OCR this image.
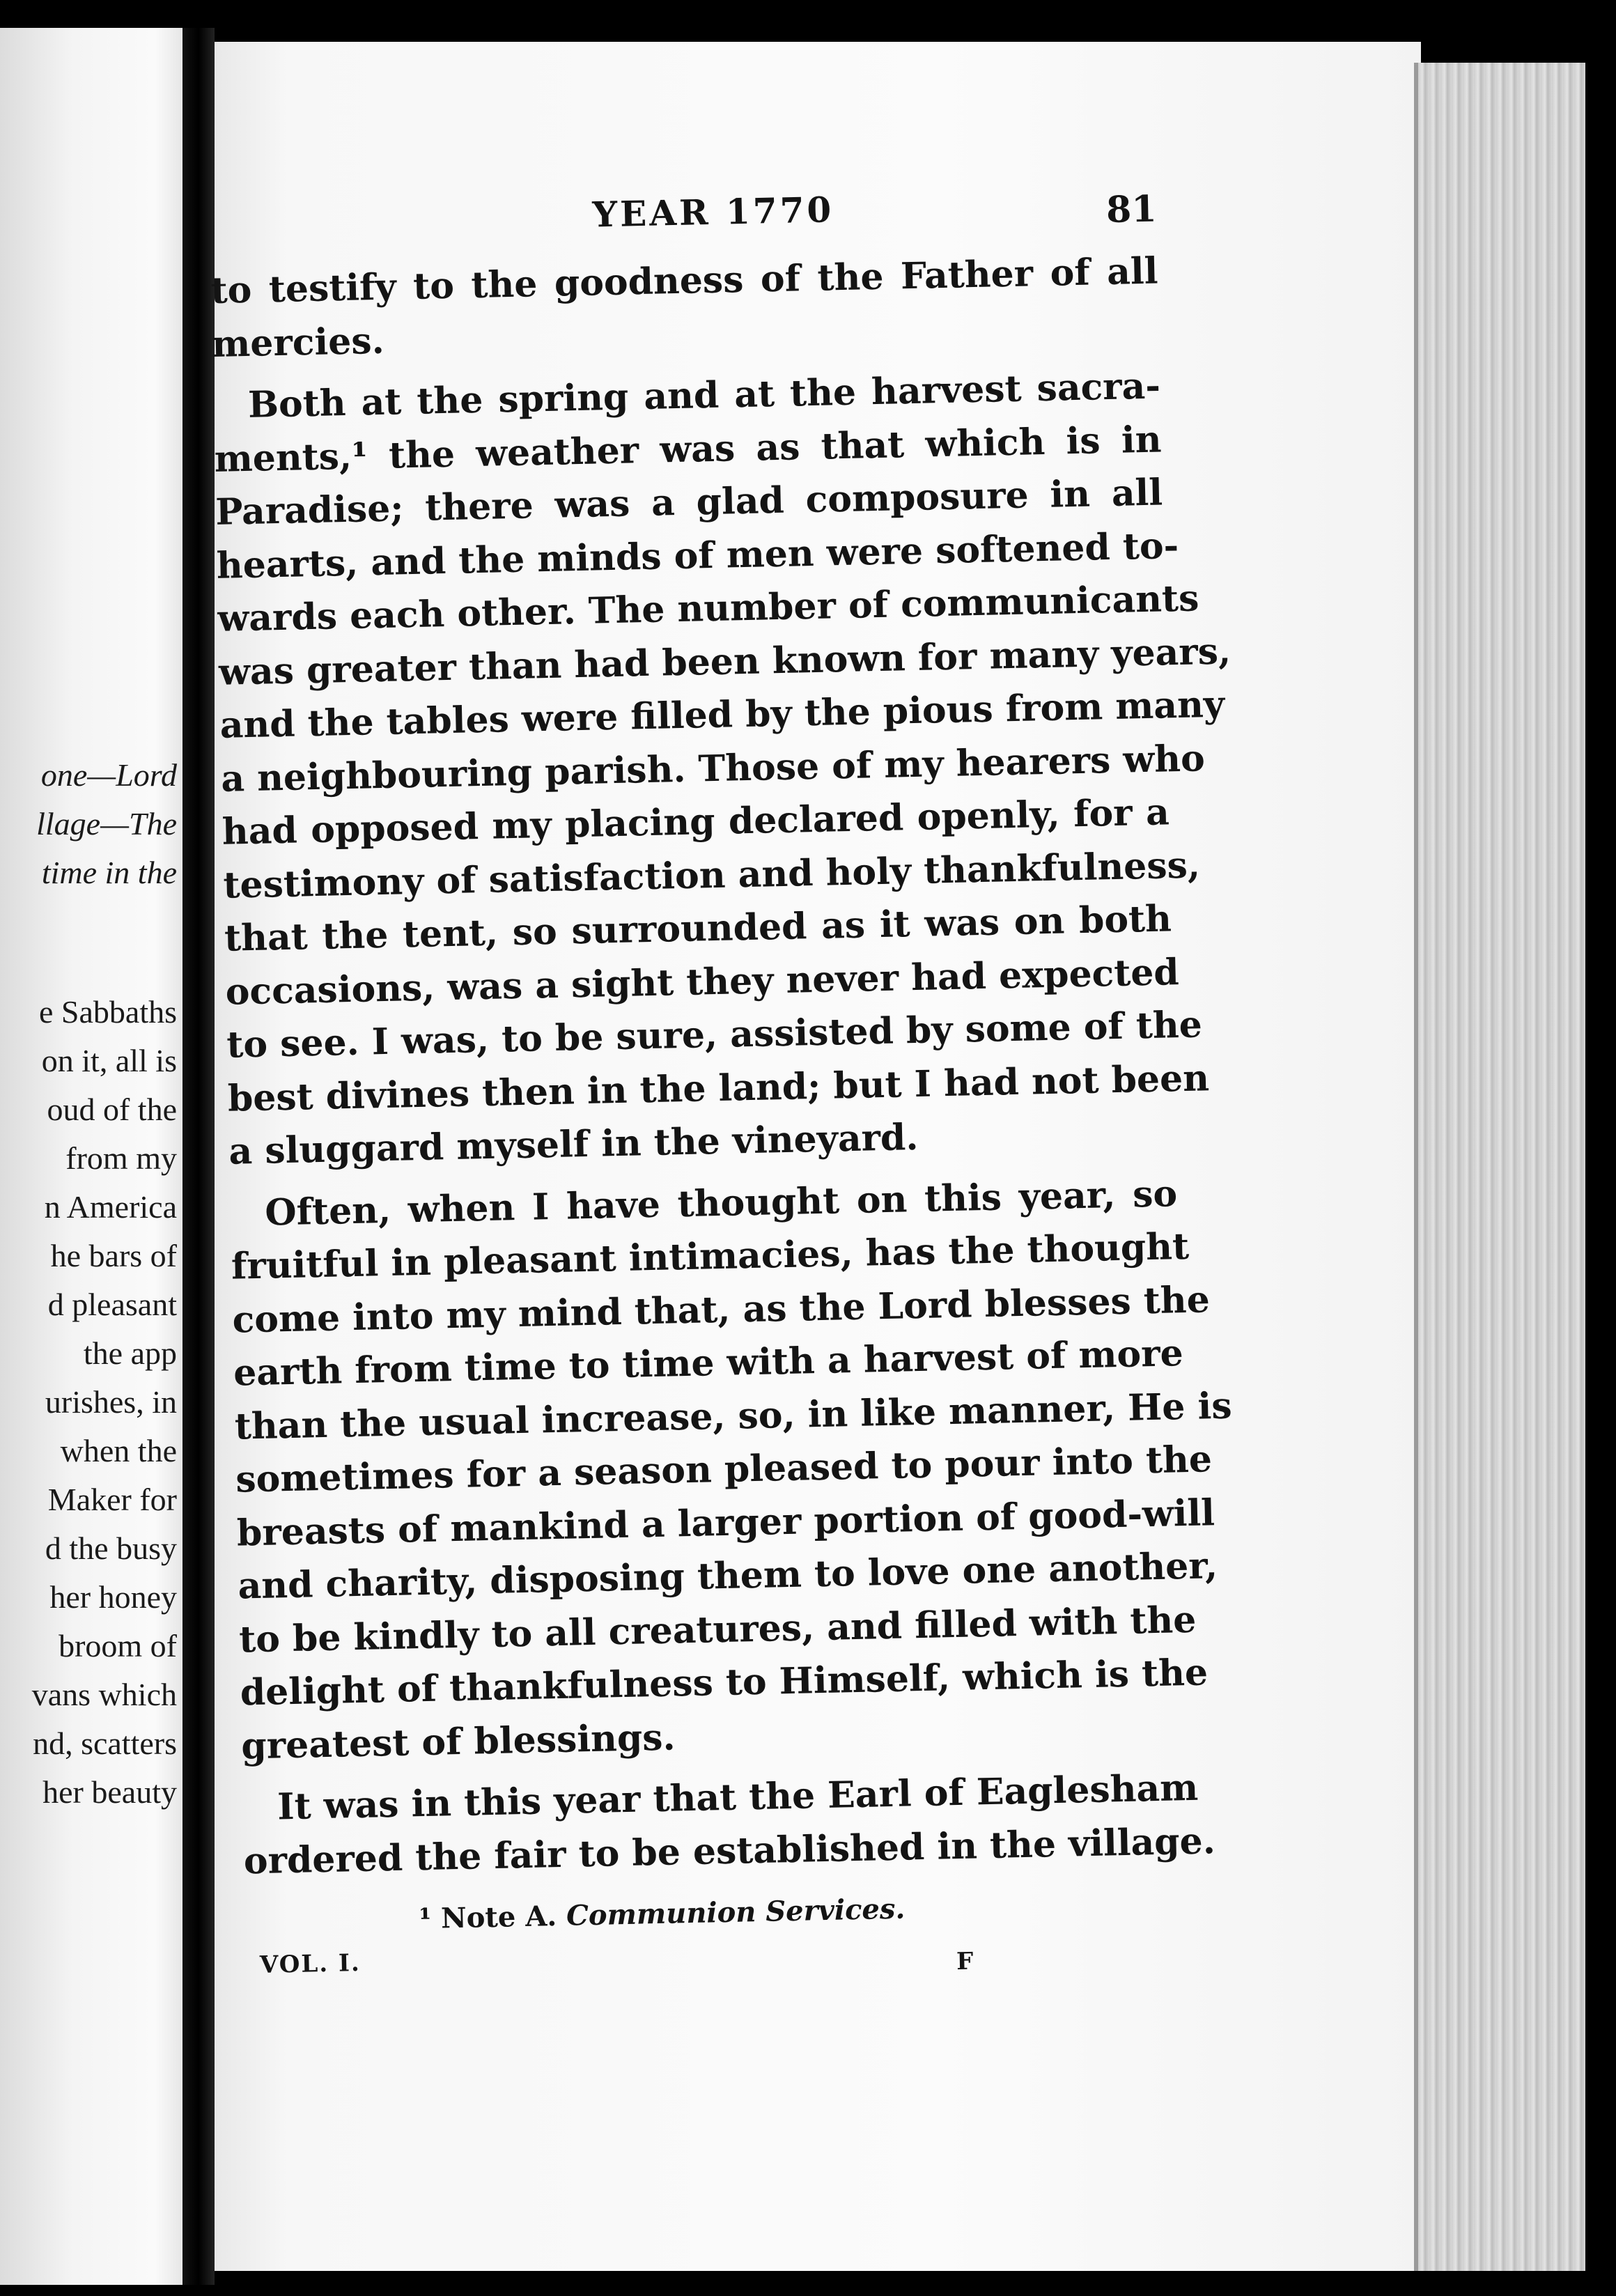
one—Lord
llage—The
time in the
e Sabbaths
on it, all is
oud of the
from my
n America
he bars of
d pleasant
the app
urishes, in
when the
Maker for
d the busy
her honey
broom of
vans which
nd, scatters
her beauty
YEAR 1770	81
to testify to the goodness of the Father of all
mercies.
Both at the spring and at the harvest sacra-
ments,¹ the weather was as that which is in
Paradise; there was a glad composure in all
hearts, and the minds of men were softened to-
wards each other. The number of communicants
was greater than had been known for many years,
and the tables were filled by the pious from many
a neighbouring parish. Those of my hearers who
had opposed my placing declared openly, for a
testimony of satisfaction and holy thankfulness,
that the tent, so surrounded as it was on both
occasions, was a sight they never had expected
to see. I was, to be sure, assisted by some of the
best divines then in the land; but I had not been
a sluggard myself in the vineyard.
Often, when I have thought on this year, so
fruitful in pleasant intimacies, has the thought
come into my mind that, as the Lord blesses the
earth from time to time with a harvest of more
than the usual increase, so, in like manner, He is
sometimes for a season pleased to pour into the
breasts of mankind a larger portion of good-will
and charity, disposing them to love one another,
to be kindly to all creatures, and filled with the
delight of thankfulness to Himself, which is the
greatest of blessings.
It was in this year that the Earl of Eaglesham
ordered the fair to be established in the village.
¹ Note A. Communion Services.
VOL. I.	F
